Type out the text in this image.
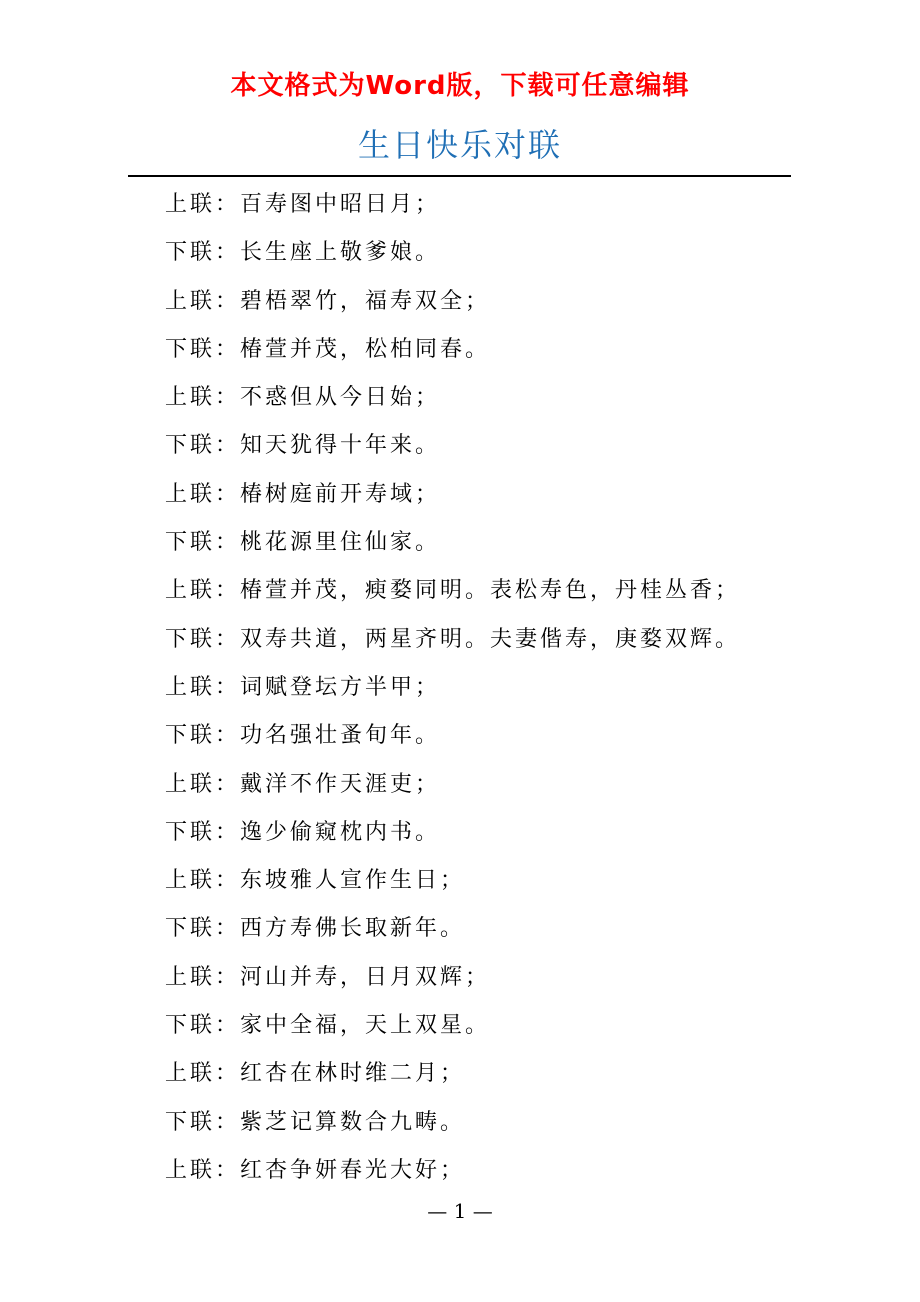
本文格式为Word版，下载可任意编辑
生日快乐对联
上联：百寿图中昭日月；
下联：长生座上敬爹娘。
上联：碧梧翠竹，福寿双全；
下联：椿萱并茂，松柏同春。
上联：不惑但从今日始；
下联：知天犹得十年来。
上联：椿树庭前开寿域；
下联：桃花源里住仙家。
上联：椿萱并茂，瘐婺同明。表松寿色，丹桂丛香；
下联：双寿共道，两星齐明。夫妻偕寿，庚婺双辉。
上联：词赋登坛方半甲；
下联：功名强壮蚤旬年。
上联：戴洋不作天涯吏；
下联：逸少偷窥枕内书。
上联：东坡雅人宣作生日；
下联：西方寿佛长取新年。
上联：河山并寿，日月双辉；
下联：家中全福，天上双星。
上联：红杏在林时维二月；
下联：紫芝记算数合九畴。
上联：红杏争妍春光大好；
— 1 —
